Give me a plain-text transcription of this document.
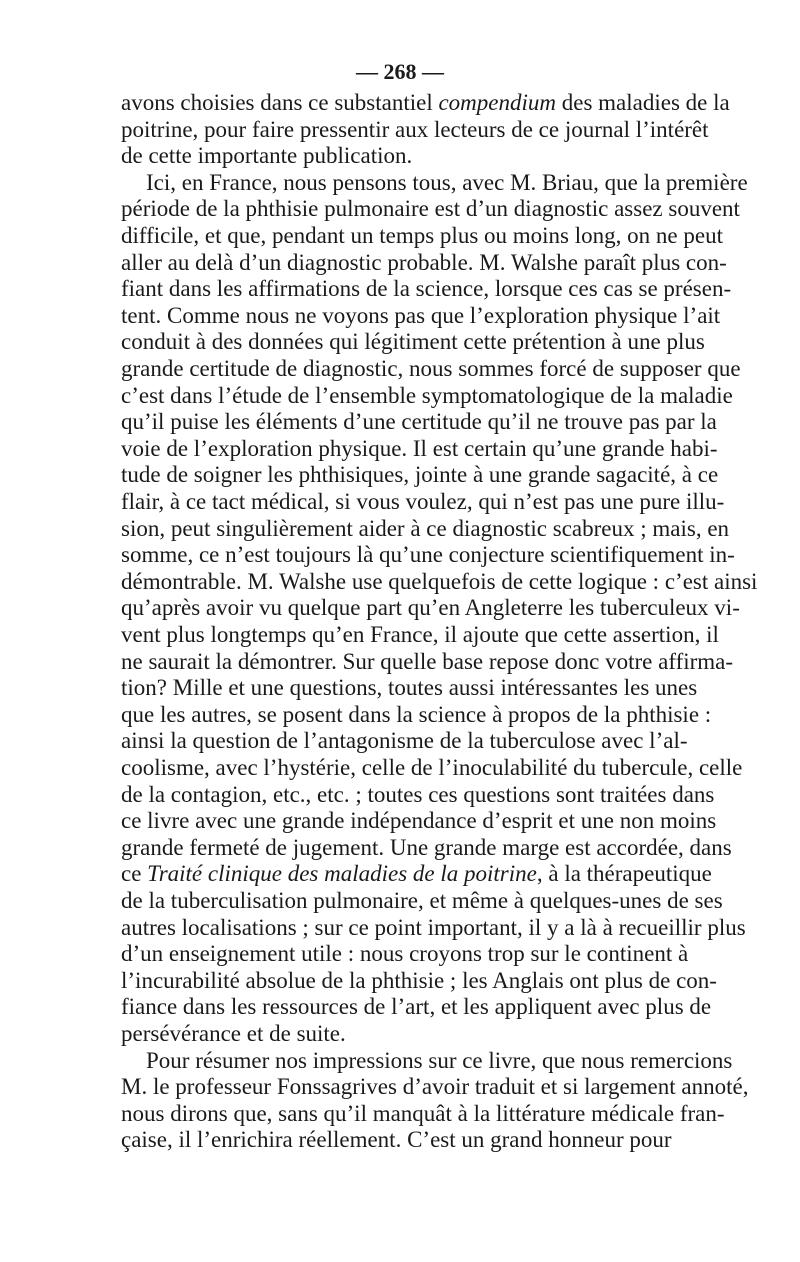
— 268 —
avons choisies dans ce substantiel compendium des maladies de la
poitrine, pour faire pressentir aux lecteurs de ce journal l’intérêt
de cette importante publication.
Ici, en France, nous pensons tous, avec M. Briau, que la première
période de la phthisie pulmonaire est d’un diagnostic assez souvent
difficile, et que, pendant un temps plus ou moins long, on ne peut
aller au delà d’un diagnostic probable. M. Walshe paraît plus con-
fiant dans les affirmations de la science, lorsque ces cas se présen-
tent. Comme nous ne voyons pas que l’exploration physique l’ait
conduit à des données qui légitiment cette prétention à une plus
grande certitude de diagnostic, nous sommes forcé de supposer que
c’est dans l’étude de l’ensemble symptomatologique de la maladie
qu’il puise les éléments d’une certitude qu’il ne trouve pas par la
voie de l’exploration physique. Il est certain qu’une grande habi-
tude de soigner les phthisiques, jointe à une grande sagacité, à ce
flair, à ce tact médical, si vous voulez, qui n’est pas une pure illu-
sion, peut singulièrement aider à ce diagnostic scabreux ; mais, en
somme, ce n’est toujours là qu’une conjecture scientifiquement in-
démontrable. M. Walshe use quelquefois de cette logique : c’est ainsi
qu’après avoir vu quelque part qu’en Angleterre les tuberculeux vi-
vent plus longtemps qu’en France, il ajoute que cette assertion, il
ne saurait la démontrer. Sur quelle base repose donc votre affirma-
tion? Mille et une questions, toutes aussi intéressantes les unes
que les autres, se posent dans la science à propos de la phthisie :
ainsi la question de l’antagonisme de la tuberculose avec l’al-
coolisme, avec l’hystérie, celle de l’inoculabilité du tubercule, celle
de la contagion, etc., etc. ; toutes ces questions sont traitées dans
ce livre avec une grande indépendance d’esprit et une non moins
grande fermeté de jugement. Une grande marge est accordée, dans
ce Traité clinique des maladies de la poitrine, à la thérapeutique
de la tuberculisation pulmonaire, et même à quelques-unes de ses
autres localisations ; sur ce point important, il y a là à recueillir plus
d’un enseignement utile : nous croyons trop sur le continent à
l’incurabilité absolue de la phthisie ; les Anglais ont plus de con-
fiance dans les ressources de l’art, et les appliquent avec plus de
persévérance et de suite.
Pour résumer nos impressions sur ce livre, que nous remercions
M. le professeur Fonssagrives d’avoir traduit et si largement annoté,
nous dirons que, sans qu’il manquât à la littérature médicale fran-
çaise, il l’enrichira réellement. C’est un grand honneur pour
